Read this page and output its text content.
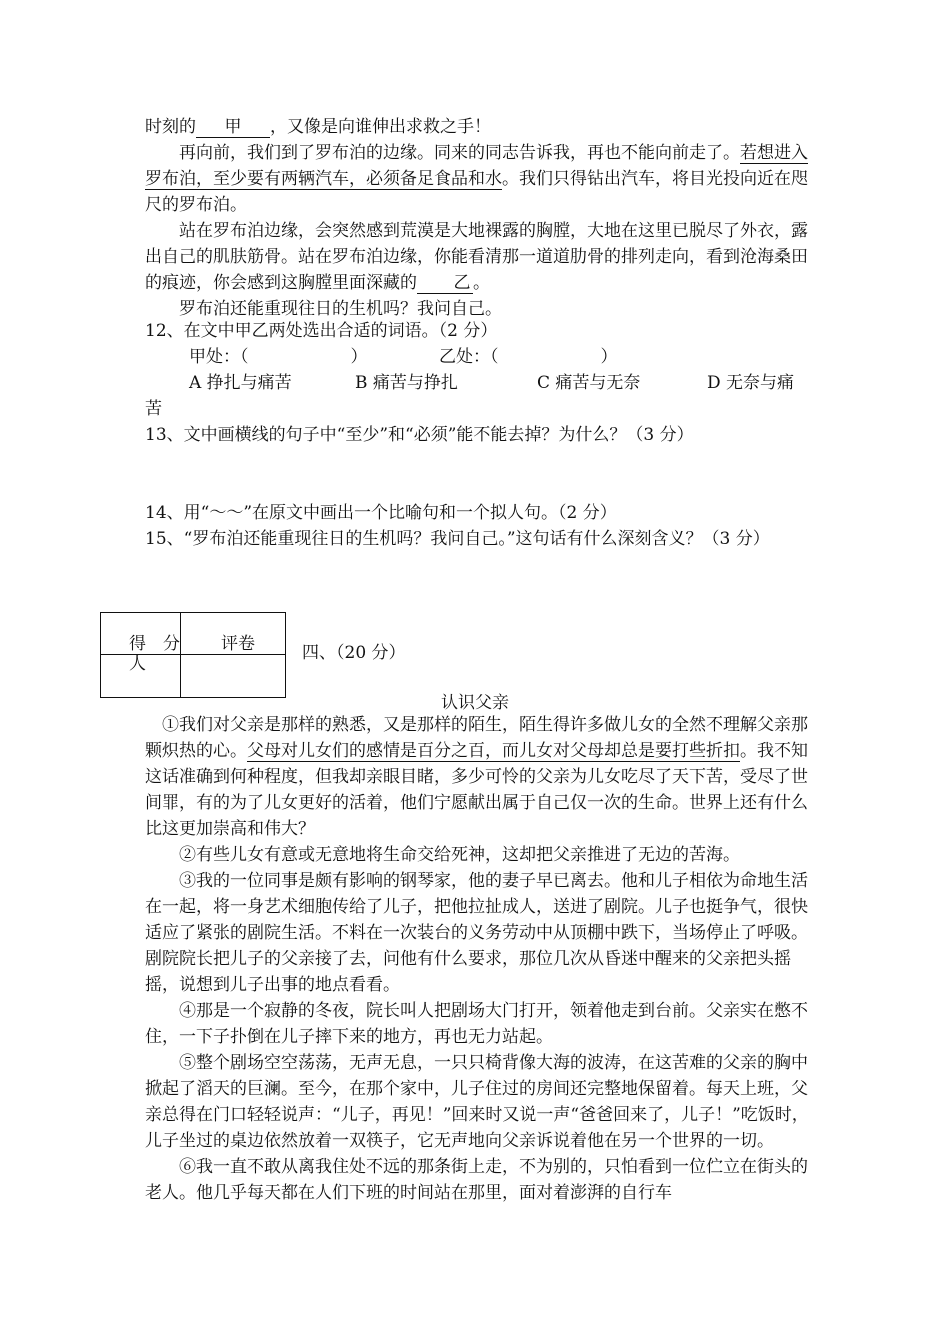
时刻的 甲 ，又像是向谁伸出求救之手！

再向前，我们到了罗布泊的边缘。同来的同志告诉我，再也不能向前走了。若想进入罗布泊，至少要有两辆汽车，必须备足食品和水。我们只得钻出汽车，将目光投向近在咫尺的罗布泊。

站在罗布泊边缘，会突然感到荒漠是大地裸露的胸膛，大地在这里已脱尽了外衣，露出自己的肌肤筋骨。站在罗布泊边缘，你能看清那一道道肋骨的排列走向，看到沧海桑田的痕迹，你会感到这胸膛里面深藏的 乙 。

罗布泊还能重现往日的生机吗？我问自己。

12、在文中甲乙两处选出合适的词语。（2 分）

甲处：（　　　　　　）	乙处：（　　　　　　）

A 挣扎与痛苦	B 痛苦与挣扎	C 痛苦与无奈	D 无奈与痛

苦

13、文中画横线的句子中“至少”和“必须”能不能去掉？为什么？（3 分）

14、用“～～”在原文中画出一个比喻句和一个拟人句。（2 分）

15、“罗布泊还能重现往日的生机吗？我问自己。”这句话有什么深刻含义？（3 分）

得　分	评卷

人	

四、（20 分）
认识父亲

①我们对父亲是那样的熟悉，又是那样的陌生，陌生得许多做儿女的全然不理解父亲那颗炽热的心。父母对儿女们的感情是百分之百，而儿女对父母却总是要打些折扣。我不知这话准确到何种程度，但我却亲眼目睹，多少可怜的父亲为儿女吃尽了天下苦，受尽了世间罪，有的为了儿女更好的活着，他们宁愿献出属于自己仅一次的生命。世界上还有什么比这更加崇高和伟大？

②有些儿女有意或无意地将生命交给死神，这却把父亲推进了无边的苦海。

③我的一位同事是颇有影响的钢琴家，他的妻子早已离去。他和儿子相依为命地生活在一起，将一身艺术细胞传给了儿子，把他拉扯成人，送进了剧院。儿子也挺争气，很快适应了紧张的剧院生活。不料在一次装台的义务劳动中从顶棚中跌下，当场停止了呼吸。剧院院长把儿子的父亲接了去，问他有什么要求，那位几次从昏迷中醒来的父亲把头摇摇，说想到儿子出事的地点看看。

④那是一个寂静的冬夜，院长叫人把剧场大门打开，领着他走到台前。父亲实在憋不住，一下子扑倒在儿子摔下来的地方，再也无力站起。

⑤整个剧场空空荡荡，无声无息，一只只椅背像大海的波涛，在这苦难的父亲的胸中掀起了滔天的巨澜。至今，在那个家中，儿子住过的房间还完整地保留着。每天上班，父亲总得在门口轻轻说声：“儿子，再见！”回来时又说一声“爸爸回来了，儿子！”吃饭时，儿子坐过的桌边依然放着一双筷子，它无声地向父亲诉说着他在另一个世界的一切。

⑥我一直不敢从离我住处不远的那条街上走，不为别的，只怕看到一位伫立在街头的老人。他几乎每天都在人们下班的时间站在那里，面对着澎湃的自行车
